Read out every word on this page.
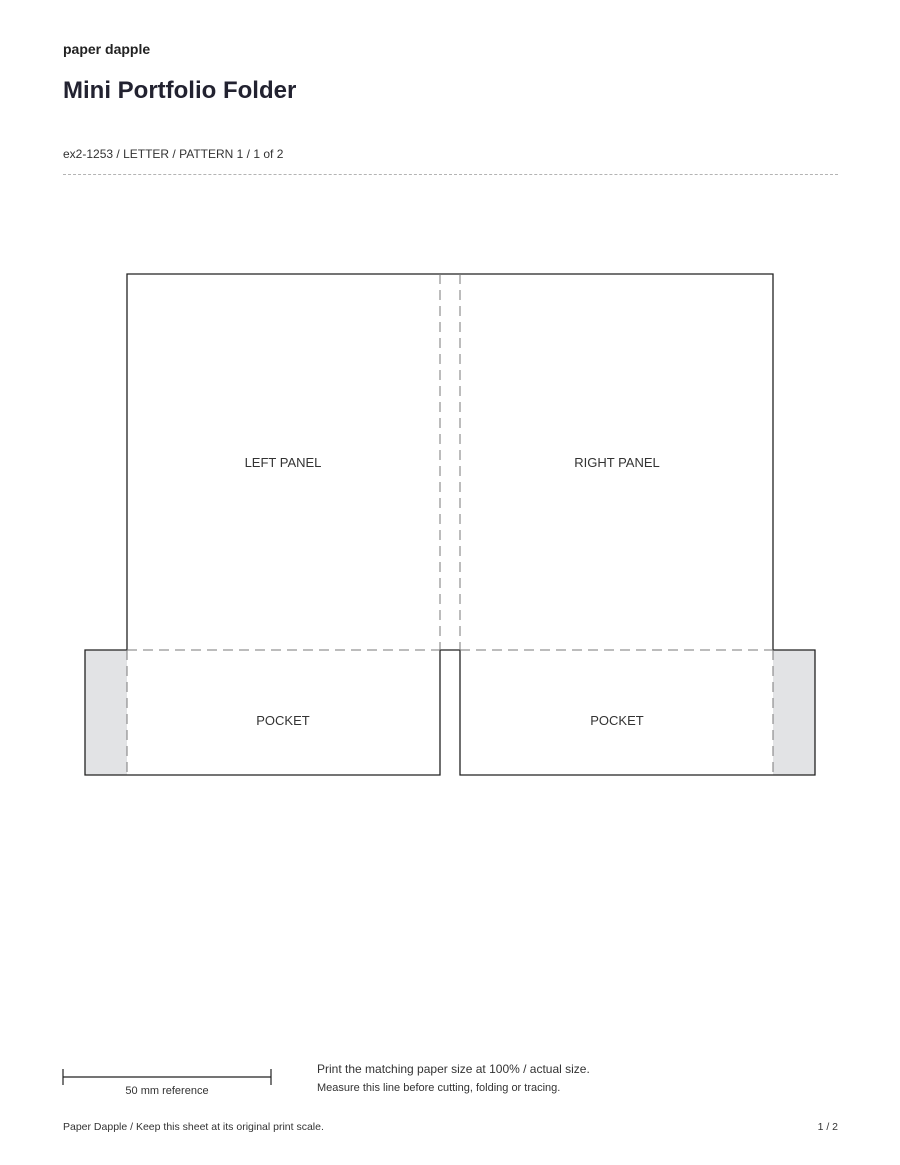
paper dapple
Mini Portfolio Folder
ex2-1253 / LETTER / PATTERN 1 / 1 of 2
LEFT PANEL	RIGHT PANEL
POCKET	POCKET
50 mm reference
Print the matching paper size at 100% / actual size.
Measure this line before cutting, folding or tracing.
Paper Dapple / Keep this sheet at its original print scale.	1 / 2
